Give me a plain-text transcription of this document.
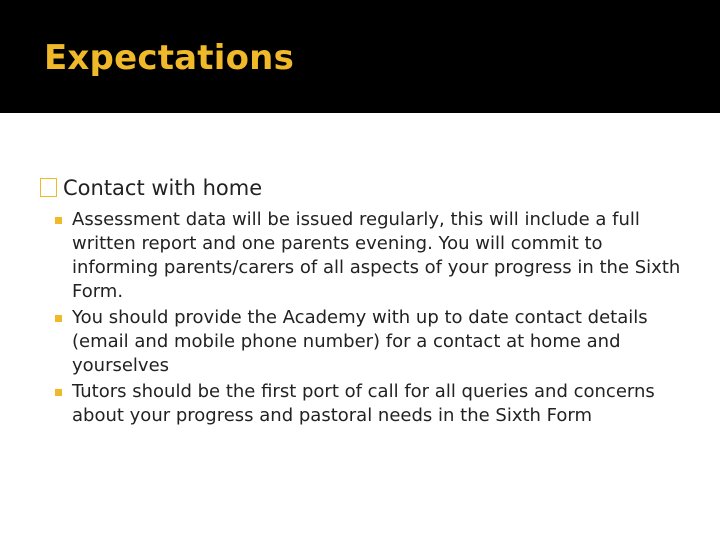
Expectations
Contact with home
Assessment data will be issued regularly, this will include a full written report and one parents evening. You will commit to informing parents/carers of all aspects of your progress in the Sixth Form.
You should provide the Academy with up to date contact details (email and mobile phone number) for a contact at home and yourselves
Tutors should be the first port of call for all queries and concerns about your progress and pastoral needs in the Sixth Form
